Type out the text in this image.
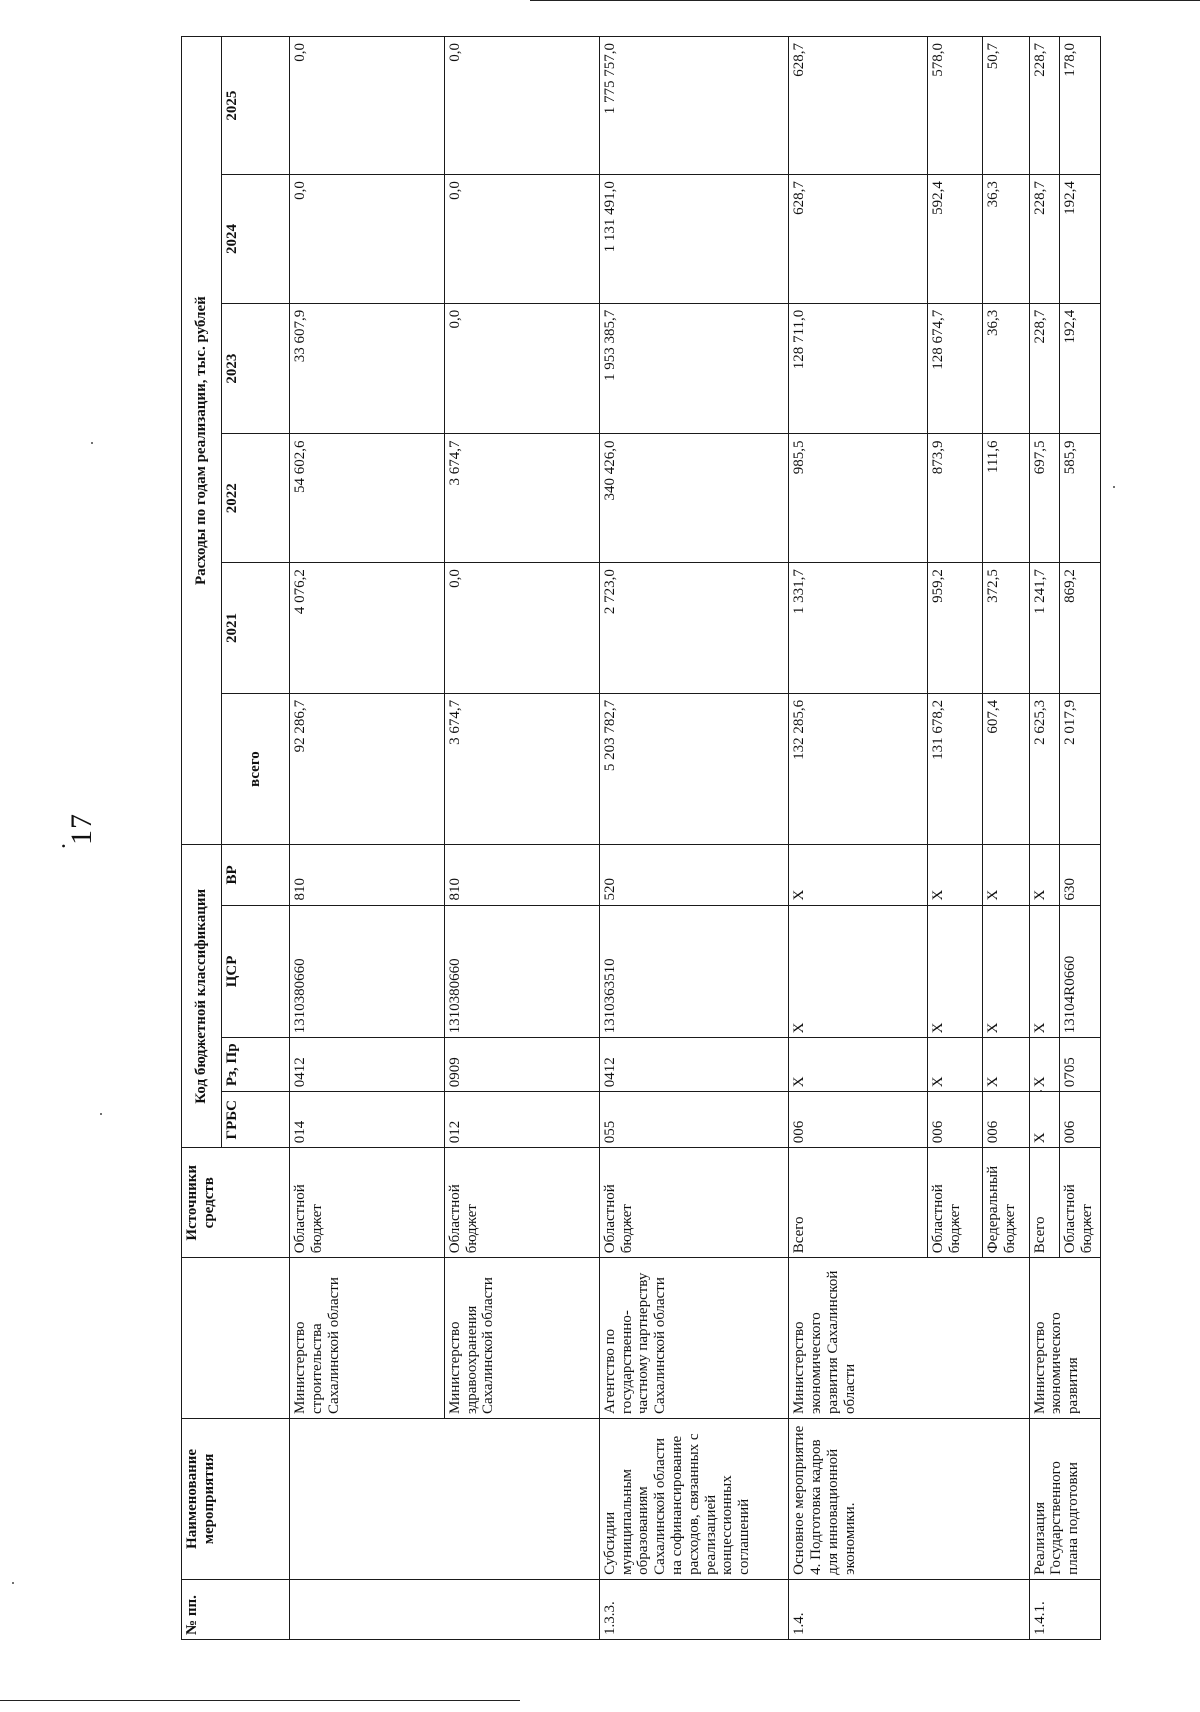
. 17
№ пп.	Наименование мероприятия		Источники средств	Код бюджетной классификации				Расходы по годам реализации, тыс. рублей					
				ГРБС	Рз, Пр	ЦСР	ВР	всего	2021	2022	2023	2024	2025
		Министерство строительства Сахалинской области	Областной бюджет	014	0412	1310380660	810	92 286,7	4 076,2	54 602,6	33 607,9	0,0	0,0
		Министерство здравоохранения Сахалинской области	Областной бюджет	012	0909	1310380660	810	3 674,7	0,0	3 674,7	0,0	0,0	0,0
1.3.3.	Субсидии муниципальным образованиям Сахалинской области на софинансирование расходов, связанных с реализацией концессионных соглашений	Агентство по государственно-частному партнерству Сахалинской области	Областной бюджет	055	0412	1310363510	520	5 203 782,7	2 723,0	340 426,0	1 953 385,7	1 131 491,0	1 775 757,0
1.4.	Основное мероприятие 4. Подготовка кадров для инновационной экономики.	Министерство экономического развития Сахалинской области	Всего	006	Х	Х	Х	132 285,6	1 331,7	985,5	128 711,0	628,7	628,7
			Областной бюджет	006	Х	Х	Х	131 678,2	959,2	873,9	128 674,7	592,4	578,0
			Федеральный бюджет	006	Х	Х	Х	607,4	372,5	111,6	36,3	36,3	50,7
1.4.1.	Реализация Государственного плана подготовки	Министерство экономического развития	Всего	Х	Х	Х	Х	2 625,3	1 241,7	697,5	228,7	228,7	228,7
			Областной бюджет	006	0705	13104R0660	630	2 017,9	869,2	585,9	192,4	192,4	178,0
